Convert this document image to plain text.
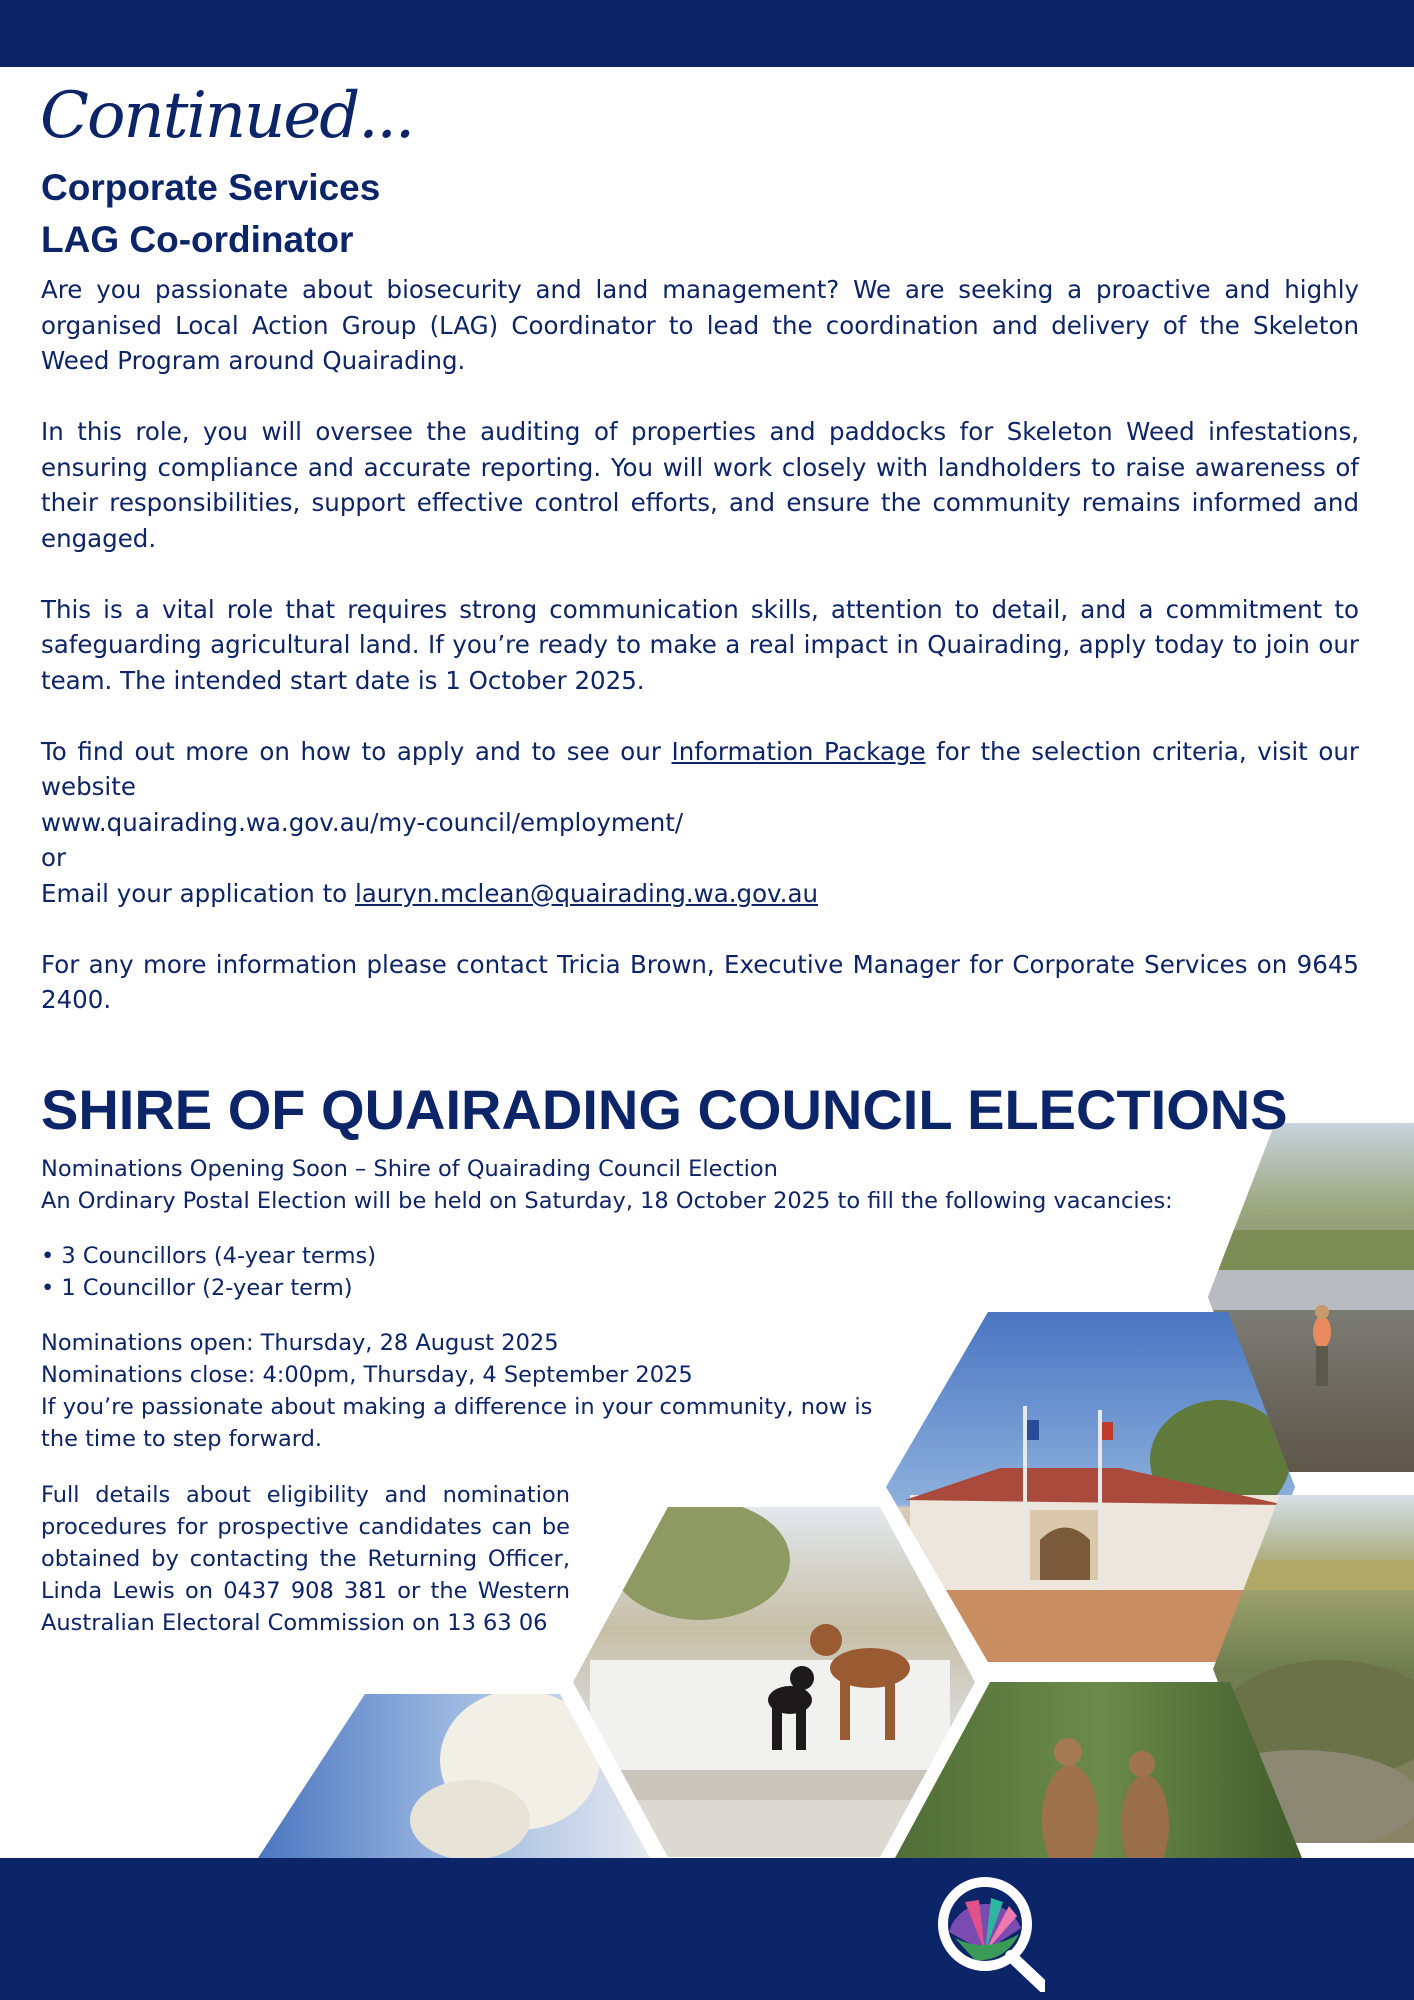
Continued...
Corporate Services
LAG Co-ordinator

Are you passionate about biosecurity and land management? We are seeking a proactive and highly organised Local Action Group (LAG) Coordinator to lead the coordination and delivery of the Skeleton Weed Program around Quairading.

In this role, you will oversee the auditing of properties and paddocks for Skeleton Weed infestations, ensuring compliance and accurate reporting. You will work closely with landholders to raise awareness of their responsibilities, support effective control efforts, and ensure the community remains informed and engaged.

This is a vital role that requires strong communication skills, attention to detail, and a commitment to safeguarding agricultural land. If you’re ready to make a real impact in Quairading, apply today to join our team. The intended start date is 1 October 2025.

To find out more on how to apply and to see our Information Package for the selection criteria, visit our website

www.quairading.wa.gov.au/my-council/employment/

or

Email your application to lauryn.mclean@quairading.wa.gov.au

For any more information please contact Tricia Brown, Executive Manager for Corporate Services on 9645 2400.

SHIRE OF QUAIRADING COUNCIL ELECTIONS

Nominations Opening Soon – Shire of Quairading Council Election

An Ordinary Postal Election will be held on Saturday, 18 October 2025 to fill the following vacancies:

• 3 Councillors (4-year terms)

• 1 Councillor (2-year term)

Nominations open: Thursday, 28 August 2025

Nominations close: 4:00pm, Thursday, 4 September 2025

If you’re passionate about making a difference in your community, now is the time to step forward.

Full details about eligibility and nomination procedures for prospective candidates can be obtained by contacting the Returning Officer, Linda Lewis on 0437 908 381 or the Western Australian Electoral Commission on 13 63 06
